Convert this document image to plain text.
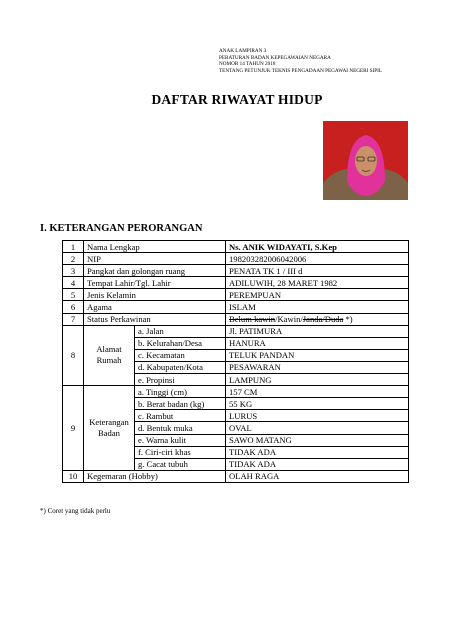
ANAK LAMPIRAN 3
PERATURAN BADAN KEPEGAWAIAN NEGARA
NOMOR 14 TAHUN 2018
TENTANG PETUNJUK TEKNIS PENGADAAN PEGAWAI NEGERI SIPIL
DAFTAR RIWAYAT HIDUP
I. KETERANGAN PERORANGAN
1	Nama Lengkap		Ns. ANIK WIDAYATI, S.Kep
2	NIP		198203282006042006
3	Pangkat dan golongan ruang		PENATA TK 1 / III d
4	Tempat Lahir/Tgl. Lahir		ADILUWIH, 28 MARET 1982
5	Jenis Kelamin		PEREMPUAN
6	Agama		ISLAM
7	Status Perkawinan		Belum kawin/Kawin/Janda/Duda *)
8	Alamat Rumah	a. Jalan	Jl. PATIMURA
		b. Kelurahan/Desa	HANURA
		c. Kecamatan	TELUK PANDAN
		d. Kabupaten/Kota	PESAWARAN
		e. Propinsi	LAMPUNG
9	Keterangan Badan	a. Tinggi (cm)	157 CM
		b. Berat badan (kg)	55 KG
		c. Rambut	LURUS
		d. Bentuk muka	OVAL
		e. Warna kulit	SAWO MATANG
		f. Ciri-ciri khas	TIDAK ADA
		g. Cacat tubuh	TIDAK ADA
10	Kegemaran (Hobby)		OLAH RAGA
*) Coret yang tidak perlu
